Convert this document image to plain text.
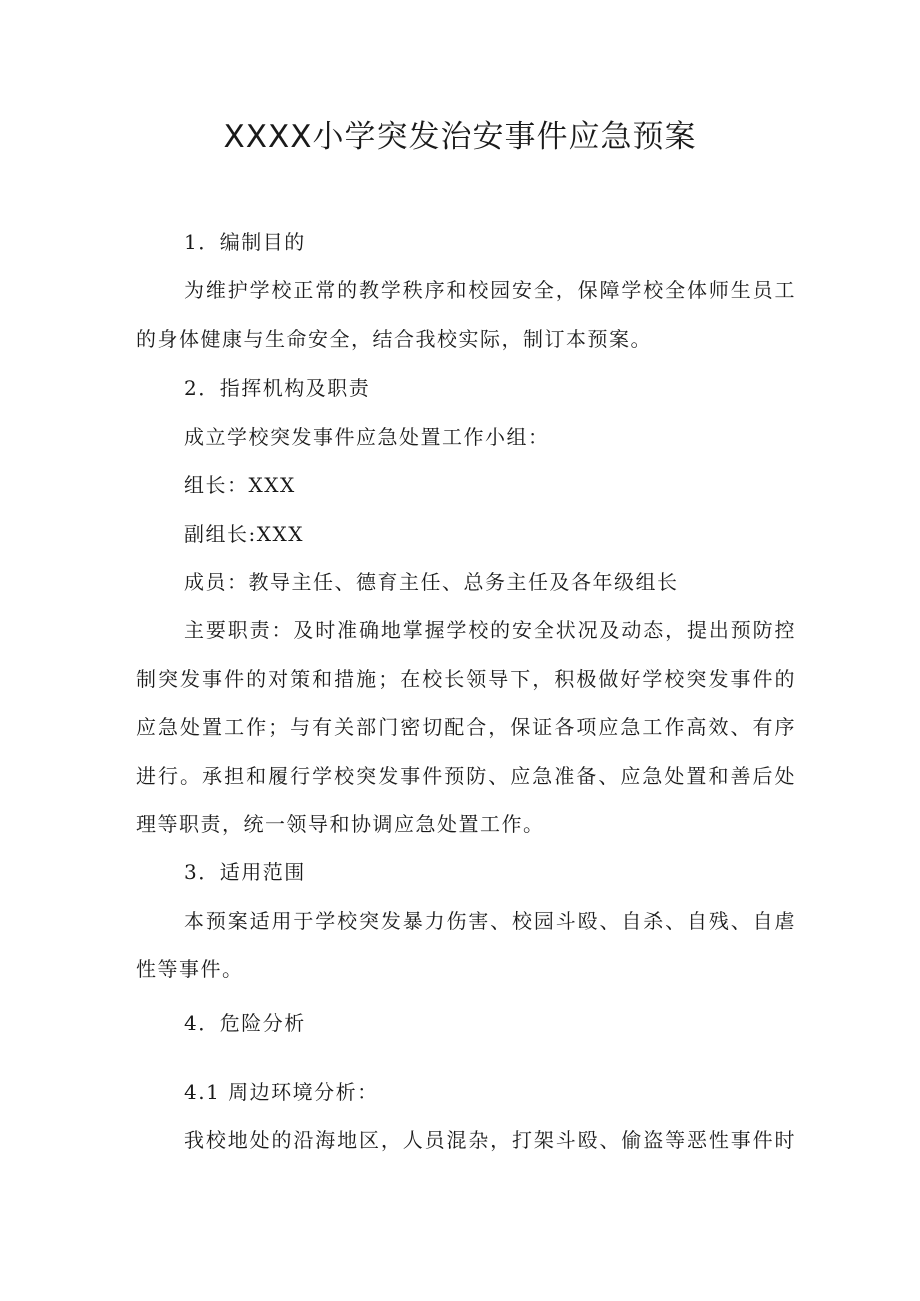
XXXX小学突发治安事件应急预案
1．编制目的
为维护学校正常的教学秩序和校园安全，保障学校全体师生员工
的身体健康与生命安全，结合我校实际，制订本预案。
2．指挥机构及职责
成立学校突发事件应急处置工作小组：
组长：XXX
副组长:XXX
成员：教导主任、德育主任、总务主任及各年级组长
主要职责：及时准确地掌握学校的安全状况及动态，提出预防控
制突发事件的对策和措施；在校长领导下，积极做好学校突发事件的
应急处置工作；与有关部门密切配合，保证各项应急工作高效、有序
进行。承担和履行学校突发事件预防、应急准备、应急处置和善后处
理等职责，统一领导和协调应急处置工作。
3．适用范围
本预案适用于学校突发暴力伤害、校园斗殴、自杀、自残、自虐
性等事件。
4．危险分析
4.1 周边环境分析：
我校地处的沿海地区，人员混杂，打架斗殴、偷盗等恶性事件时
